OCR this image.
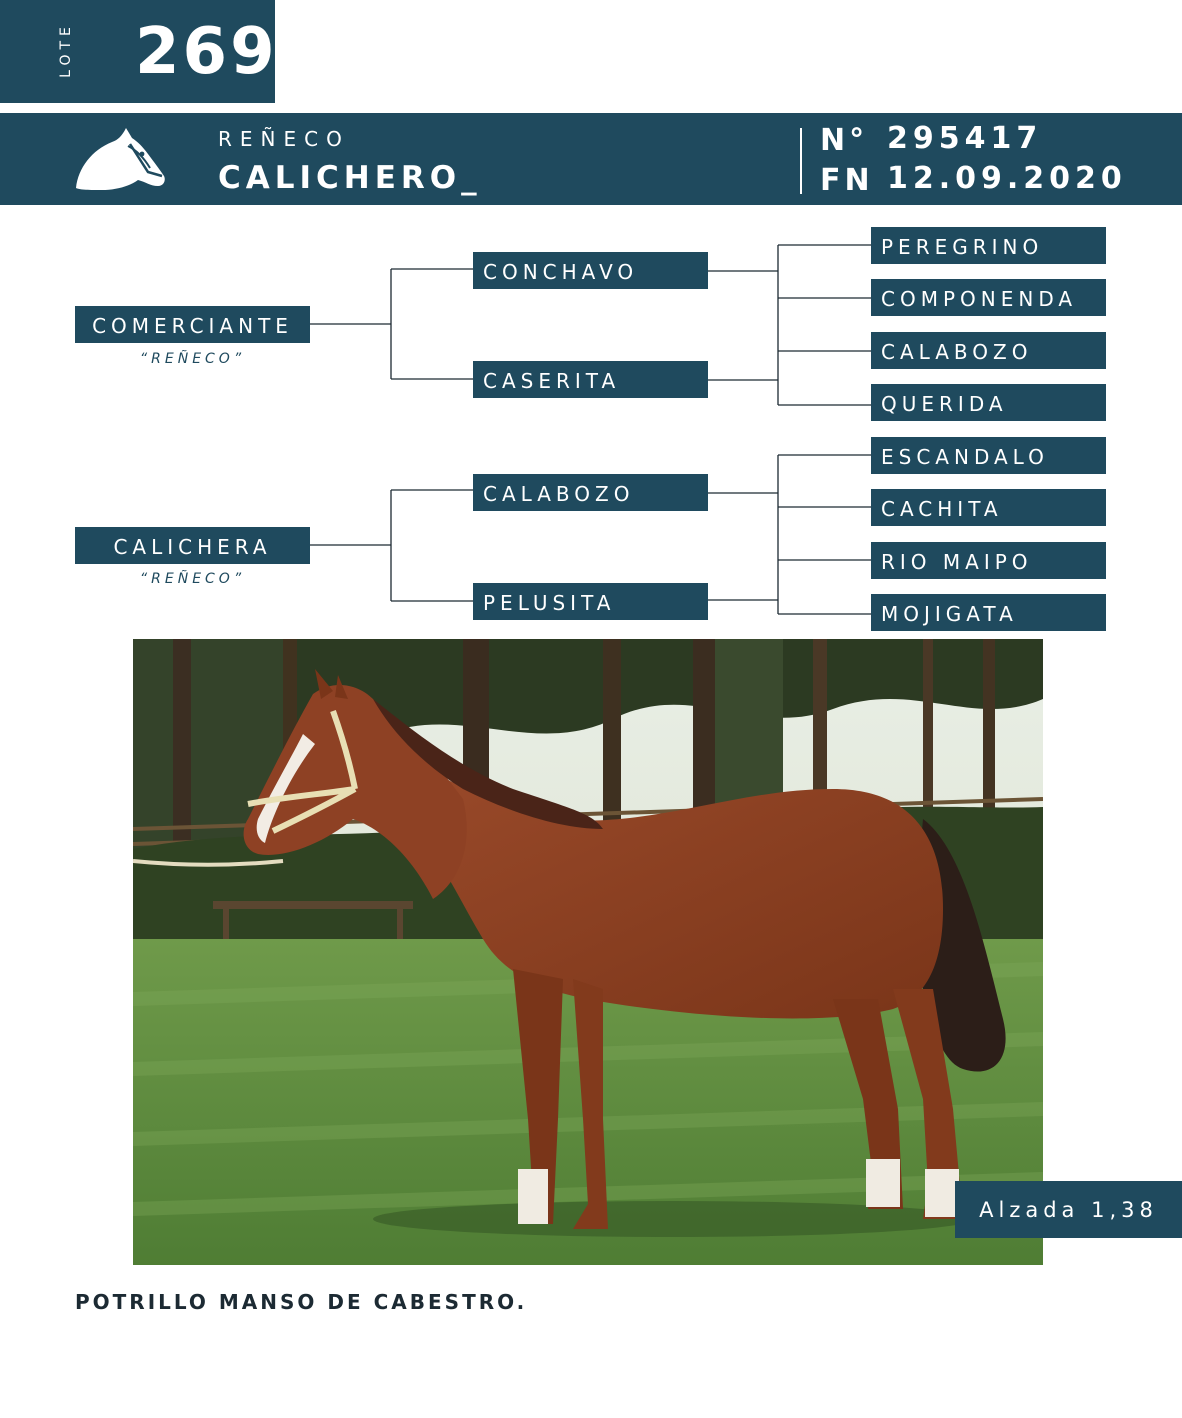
LOTE 269
REÑECO
CALICHERO_
N° 295417
FN 12.09.2020
COMERCIANTE
“REÑECO”
CALICHERA
“REÑECO”
CONCHAVO
CASERITA
CALABOZO
PELUSITA
PEREGRINO
COMPONENDA
CALABOZO
QUERIDA
ESCANDALO
CACHITA
RIO MAIPO
MOJIGATA
Alzada 1,38
POTRILLO MANSO DE CABESTRO.
